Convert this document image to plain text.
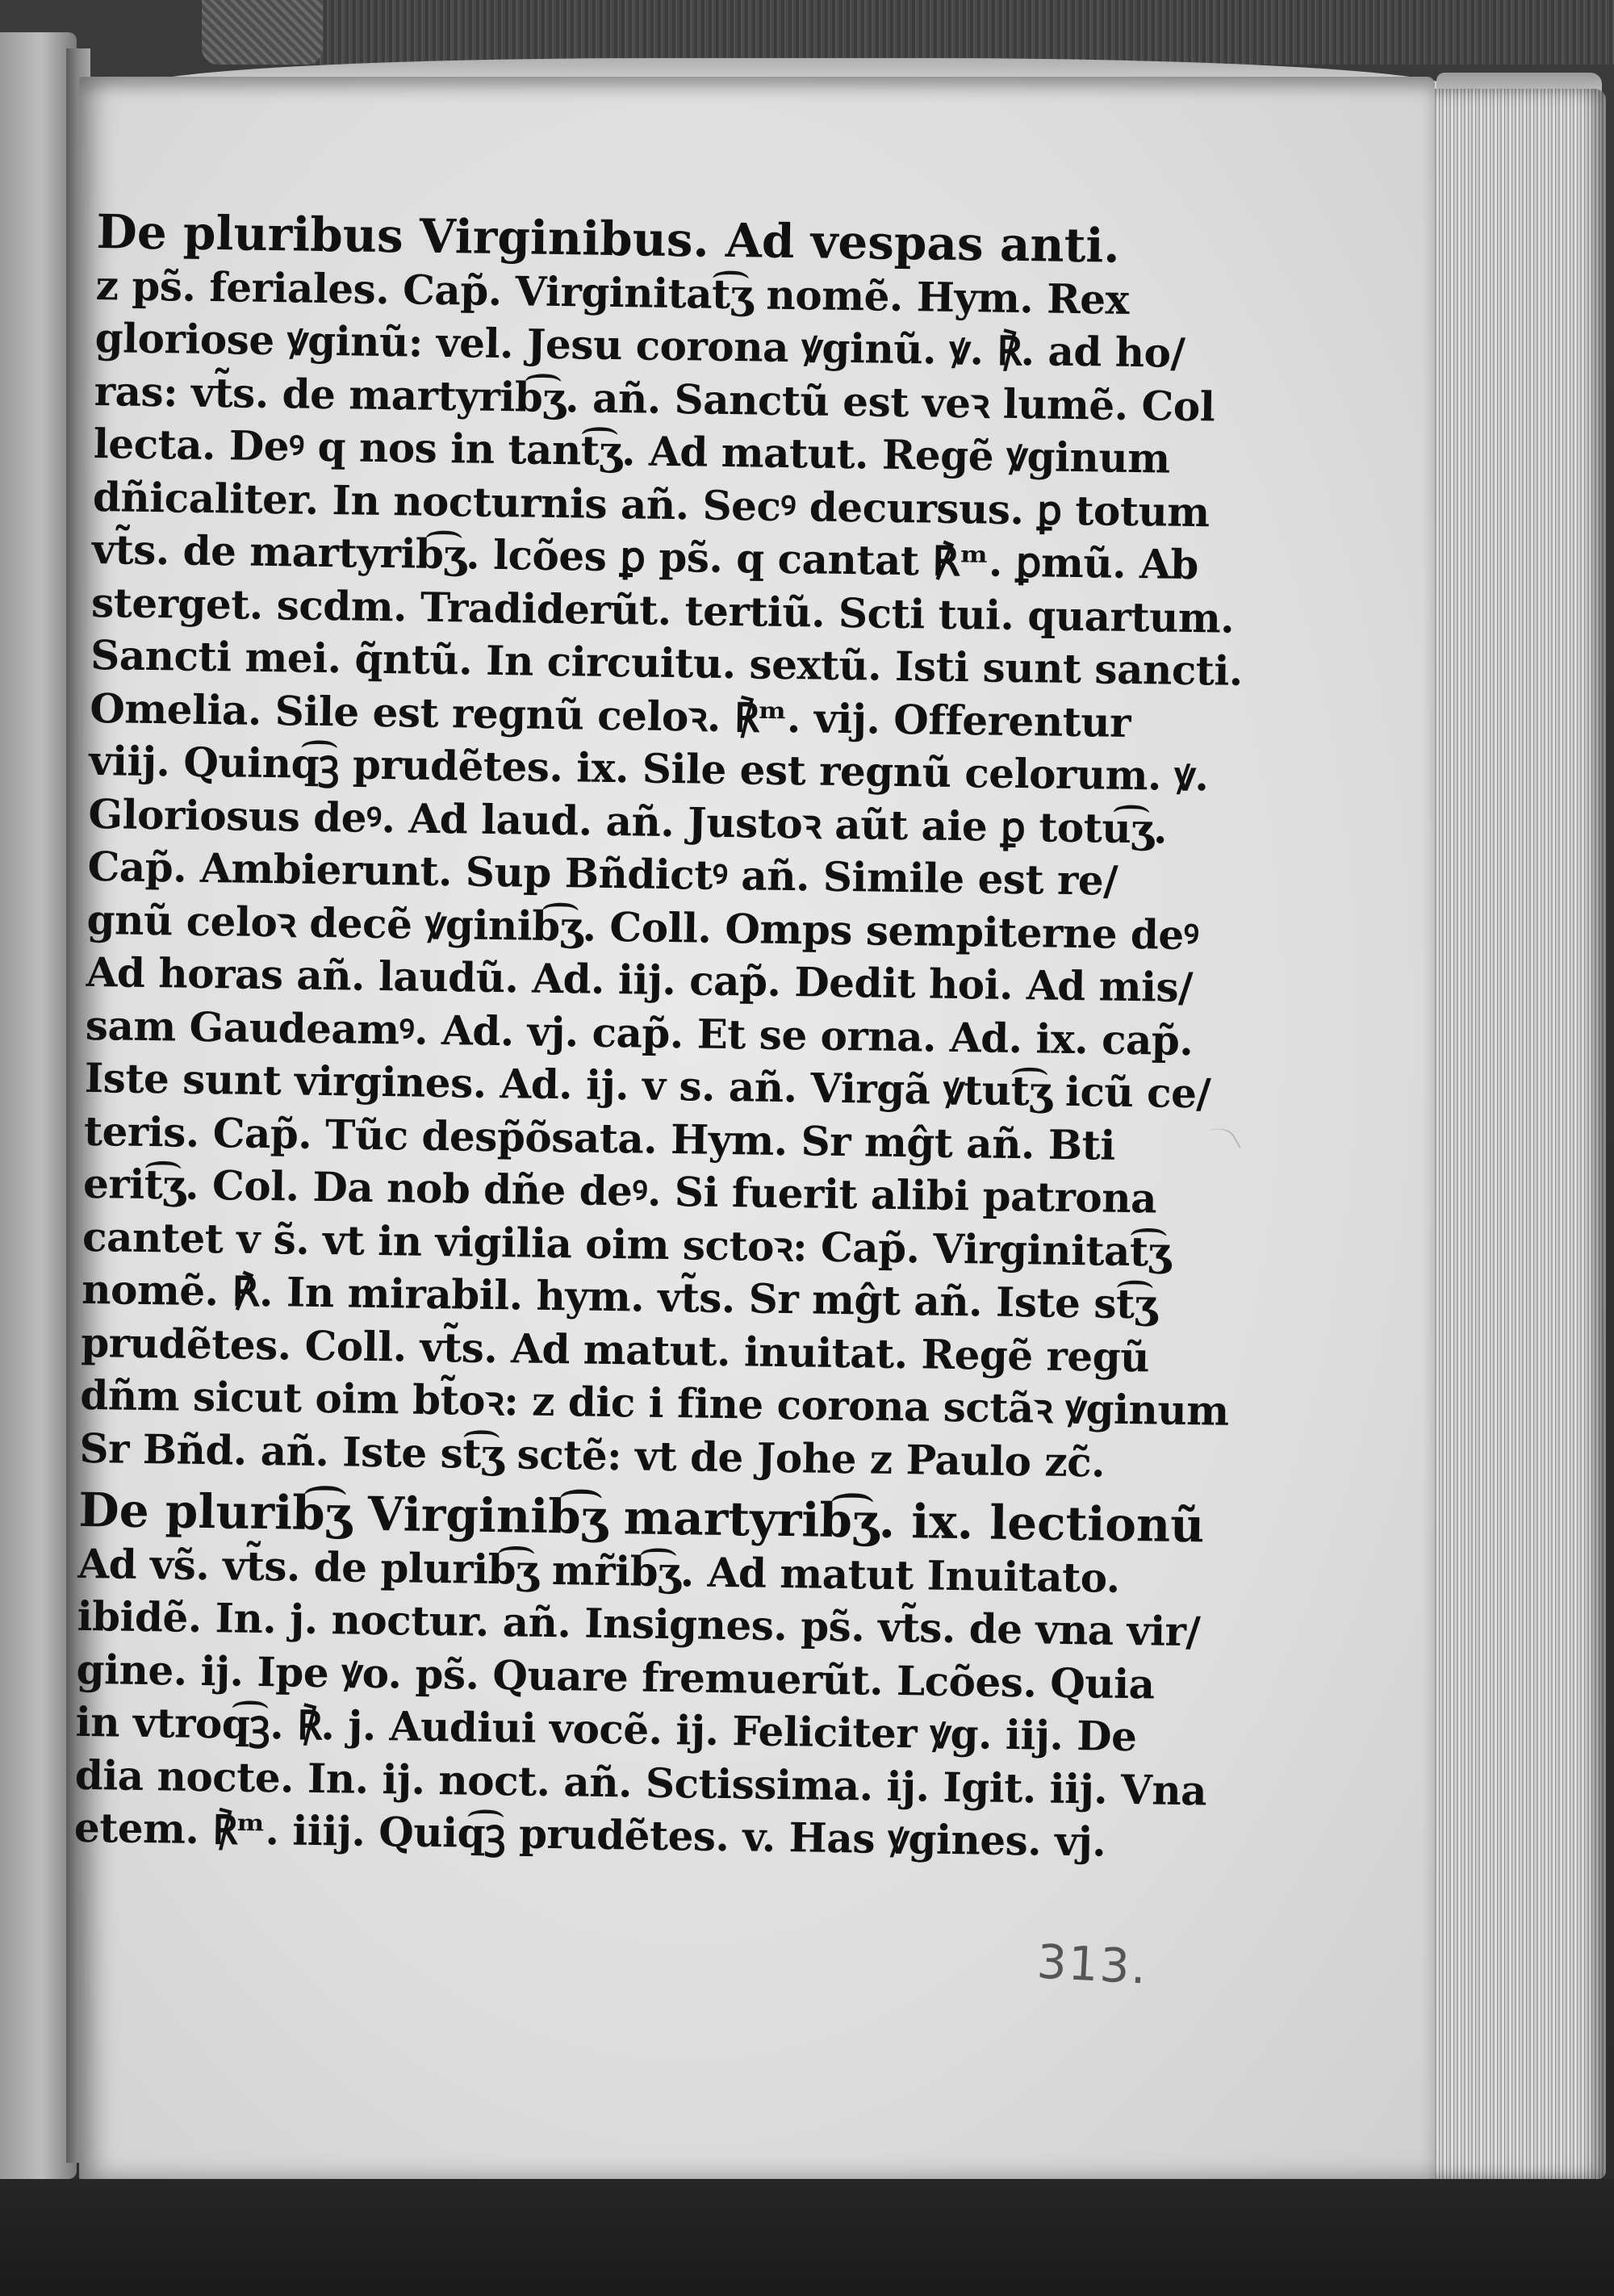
De pluribus Virginibus. Ad vespas anti.
z ps̃. feriales. Cap̃. Virginitat͡ʒ nomẽ. Hym. Rex
gloriose ꝟginũ: vel. Jesu corona ꝟginũ. ꝟ. ℟. ad ho/
ras: vt̃s. de martyrib͡ʒ. añ. Sanctũ est veꝛ lumẽ. Col
lecta. Deꝰ q nos in tant͡ʒ. Ad matut. Regẽ ꝟginum
dñicaliter. In nocturnis añ. Secꝰ decursus. ꝑ totum
vt̃s. de martyrib͡ʒ. lcões ꝑ ps̃. q cantat ℟ᵐ. ꝑmũ. Ab
sterget. scdm. Tradiderũt. tertiũ. Scti tui. quartum.
Sancti mei. q̃ntũ. In circuitu. sextũ. Isti sunt sancti.
Omelia. Sile est regnũ celoꝛ. ℟ᵐ. vij. Offerentur
viij. Quinq͡ꝫ prudẽtes. ix. Sile est regnũ celorum. ꝟ.
Gloriosus deꝰ. Ad laud. añ. Justoꝛ aũt aie ꝑ totu͡ʒ.
Cap̃. Ambierunt. Sup Bñdictꝰ añ. Simile est re/
gnũ celoꝛ decẽ ꝟginib͡ʒ. Coll. Omps sempiterne deꝰ
Ad horas añ. laudũ. Ad. iij. cap̃. Dedit hoi. Ad mis/
sam Gaudeamꝰ. Ad. vj. cap̃. Et se orna. Ad. ix. cap̃.
Iste sunt virgines. Ad. ij. v s. añ. Virgã ꝟtut͡ʒ icũ ce/
teris. Cap̃. Tũc desp̃õsata. Hym. Sr mĝt añ. Bti
erit͡ʒ. Col. Da nob dñe deꝰ. Si fuerit alibi patrona
cantet v s̃. vt in vigilia oim sctoꝛ: Cap̃. Virginitat͡ʒ
nomẽ. ℟. In mirabil. hym. vt̃s. Sr mĝt añ. Iste st͡ʒ
prudẽtes. Coll. vt̃s. Ad matut. inuitat. Regẽ regũ
dñm sicut oim bt̃oꝛ: z dic i fine corona sctãꝛ ꝟginum
Sr Bñd. añ. Iste st͡ʒ sctẽ: vt de Johe z Paulo zc̃.
De plurib͡ʒ Virginib͡ʒ martyrib͡ʒ. ix. lectionũ
Ad vs̃. vt̃s. de plurib͡ʒ mr̃ib͡ʒ. Ad matut Inuitato.
ibidẽ. In. j. noctur. añ. Insignes. ps̃. vt̃s. de vna vir/
gine. ij. Ipe ꝟo. ps̃. Quare fremuerũt. Lcões. Quia
in vtroq͡ꝫ. ℟. j. Audiui vocẽ. ij. Feliciter ꝟg. iij. De
dia nocte. In. ij. noct. añ. Sctissima. ij. Igit. iij. Vna
etem. ℟ᵐ. iiij. Quiq͡ꝫ prudẽtes. v. Has ꝟgines. vj.
313.
